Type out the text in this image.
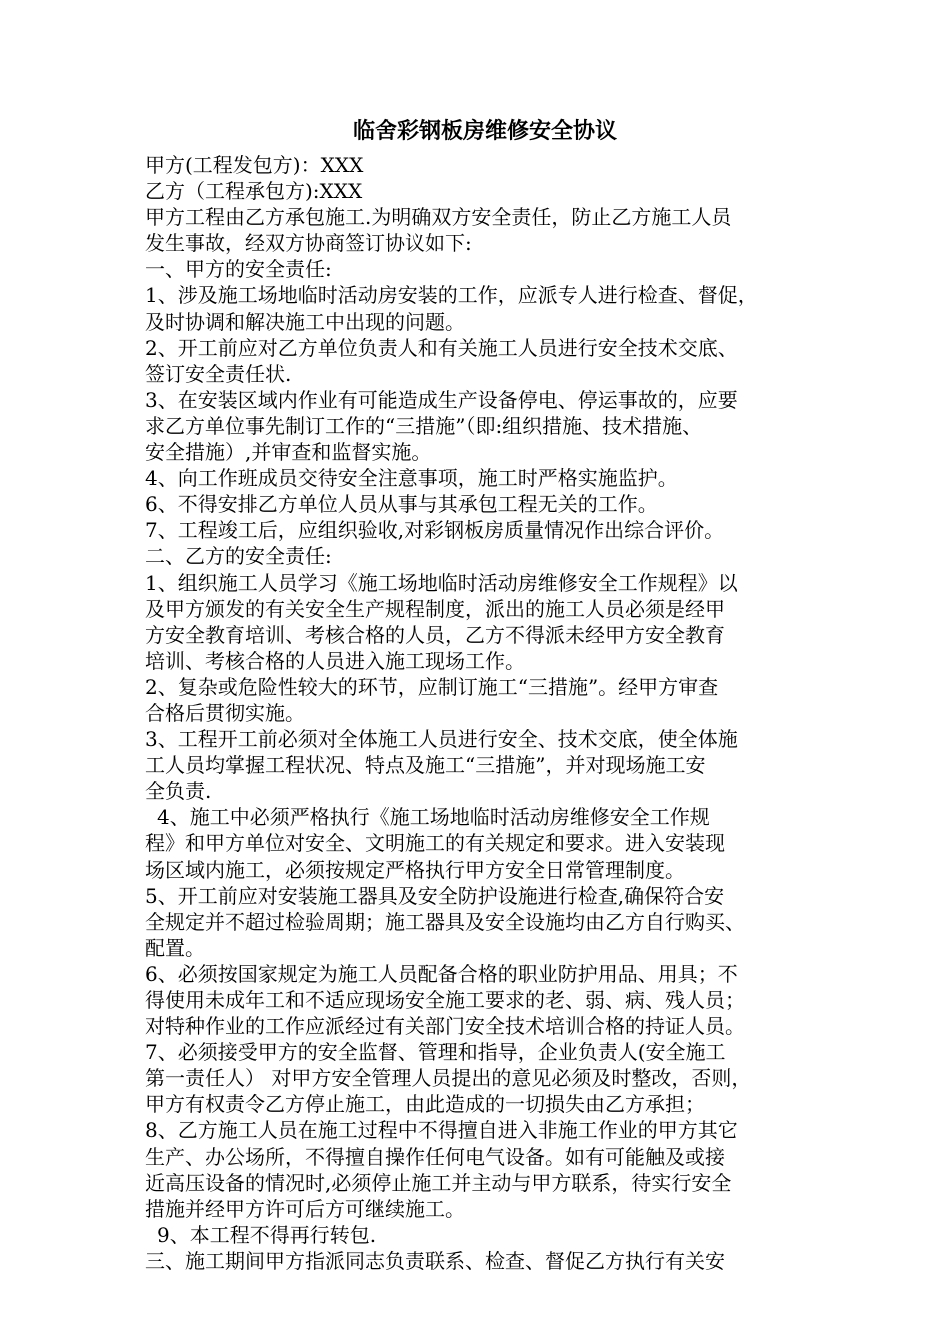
临舍彩钢板房维修安全协议

甲方(工程发包方)：XXX

乙方（工程承包方):XXX

甲方工程由乙方承包施工.为明确双方安全责任，防止乙方施工人员

发生事故，经双方协商签订协议如下:

一、甲方的安全责任:

1、涉及施工场地临时活动房安装的工作，应派专人进行检查、督促，

及时协调和解决施工中出现的问题。

2、开工前应对乙方单位负责人和有关施工人员进行安全技术交底、

签订安全责任状.

3、在安装区域内作业有可能造成生产设备停电、停运事故的，应要

求乙方单位事先制订工作的“三措施”（即:组织措施、技术措施、

安全措施）,并审查和监督实施。

4、向工作班成员交待安全注意事项，施工时严格实施监护。

6、不得安排乙方单位人员从事与其承包工程无关的工作。

7、工程竣工后，应组织验收,对彩钢板房质量情况作出综合评价。

二、乙方的安全责任:

1、组织施工人员学习《施工场地临时活动房维修安全工作规程》以

及甲方颁发的有关安全生产规程制度，派出的施工人员必须是经甲

方安全教育培训、考核合格的人员，乙方不得派未经甲方安全教育

培训、考核合格的人员进入施工现场工作。

2、复杂或危险性较大的环节，应制订施工“三措施”。经甲方审查

合格后贯彻实施。

3、工程开工前必须对全体施工人员进行安全、技术交底，使全体施

工人员均掌握工程状况、特点及施工“三措施”，并对现场施工安

全负责.

4、施工中必须严格执行《施工场地临时活动房维修安全工作规

程》和甲方单位对安全、文明施工的有关规定和要求。进入安装现

场区域内施工，必须按规定严格执行甲方安全日常管理制度。

5、开工前应对安装施工器具及安全防护设施进行检查,确保符合安

全规定并不超过检验周期；施工器具及安全设施均由乙方自行购买、

配置。

6、必须按国家规定为施工人员配备合格的职业防护用品、用具；不

得使用未成年工和不适应现场安全施工要求的老、弱、病、残人员；

对特种作业的工作应派经过有关部门安全技术培训合格的持证人员。

7、必须接受甲方的安全监督、管理和指导，企业负责人(安全施工

第一责任人） 对甲方安全管理人员提出的意见必须及时整改，否则，

甲方有权责令乙方停止施工，由此造成的一切损失由乙方承担；

8、乙方施工人员在施工过程中不得擅自进入非施工作业的甲方其它

生产、办公场所，不得擅自操作任何电气设备。如有可能触及或接

近高压设备的情况时,必须停止施工并主动与甲方联系，待实行安全

措施并经甲方许可后方可继续施工。

9、本工程不得再行转包.

三、施工期间甲方指派同志负责联系、检查、督促乙方执行有关安
